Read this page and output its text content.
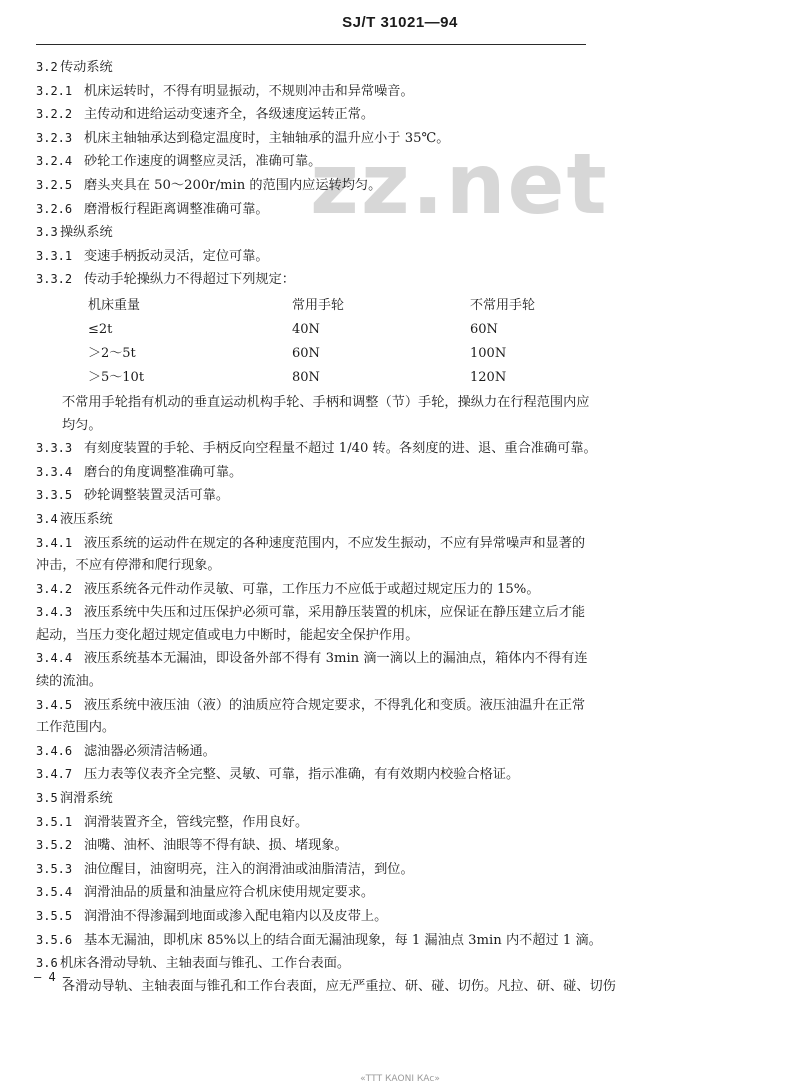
SJ/T 31021—94
zz.net
3.2 传动系统
3.2.1 机床运转时，不得有明显振动，不规则冲击和异常噪音。
3.2.2 主传动和进给运动变速齐全，各级速度运转正常。
3.2.3 机床主轴轴承达到稳定温度时，主轴轴承的温升应小于 35℃。
3.2.4 砂轮工作速度的调整应灵活，准确可靠。
3.2.5 磨头夹具在 50～200r/min 的范围内应运转均匀。
3.2.6 磨滑板行程距离调整准确可靠。
3.3 操纵系统
3.3.1 变速手柄扳动灵活，定位可靠。
3.3.2 传动手轮操纵力不得超过下列规定：
机床重量	常用手轮	不常用手轮
≤2t	40N	60N
＞2～5t	60N	100N
＞5～10t	80N	120N
不常用手轮指有机动的垂直运动机构手轮、手柄和调整（节）手轮，操纵力在行程范围内应均匀。
3.3.3 有刻度装置的手轮、手柄反向空程量不超过 1/40 转。各刻度的进、退、重合准确可靠。
3.3.4 磨台的角度调整准确可靠。
3.3.5 砂轮调整装置灵活可靠。
3.4 液压系统
3.4.1 液压系统的运动件在规定的各种速度范围内，不应发生振动，不应有异常噪声和显著的冲击，不应有停滞和爬行现象。
3.4.2 液压系统各元件动作灵敏、可靠，工作压力不应低于或超过规定压力的 15%。
3.4.3 液压系统中失压和过压保护必须可靠，采用静压装置的机床，应保证在静压建立后才能起动，当压力变化超过规定值或电力中断时，能起安全保护作用。
3.4.4 液压系统基本无漏油，即设备外部不得有 3min 滴一滴以上的漏油点，箱体内不得有连续的流油。
3.4.5 液压系统中液压油（液）的油质应符合规定要求，不得乳化和变质。液压油温升在正常工作范围内。
3.4.6 滤油器必须清洁畅通。
3.4.7 压力表等仪表齐全完整、灵敏、可靠，指示准确，有有效期内校验合格证。
3.5 润滑系统
3.5.1 润滑装置齐全，管线完整，作用良好。
3.5.2 油嘴、油杯、油眼等不得有缺、损、堵现象。
3.5.3 油位醒目，油窗明亮，注入的润滑油或油脂清洁，到位。
3.5.4 润滑油品的质量和油量应符合机床使用规定要求。
3.5.5 润滑油不得渗漏到地面或渗入配电箱内以及皮带上。
3.5.6 基本无漏油，即机床 85%以上的结合面无漏油现象，每 1 漏油点 3min 内不超过 1 滴。
3.6 机床各滑动导轨、主轴表面与锥孔、工作台表面。
各滑动导轨、主轴表面与锥孔和工作台表面，应无严重拉、研、碰、切伤。凡拉、研、碰、切伤
— 4 —
«ТТТ КАОNI КАс»
